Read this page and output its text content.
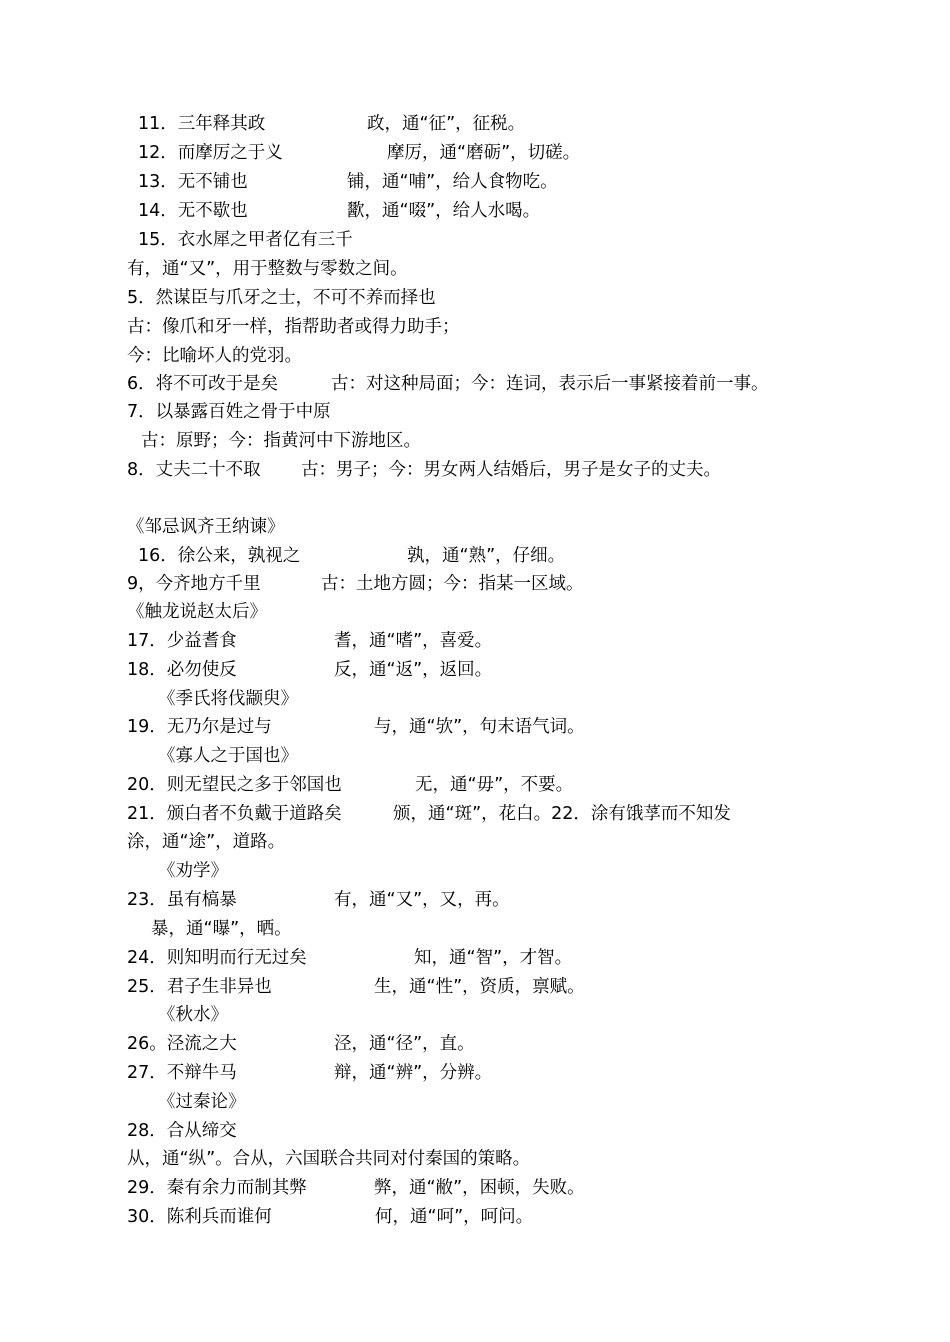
11．三年释其政	政，通“征”，征税。
12．而摩厉之于义	摩厉，通“磨砺”，切磋。
13．无不铺也	铺，通“哺”，给人食物吃。
14．无不歇也	歠，通“啜”，给人水喝。
15．衣水犀之甲者亿有三千
有，通“又”，用于整数与零数之间。
5．然谋臣与爪牙之士，不可不养而择也
古：像爪和牙一样，指帮助者或得力助手；
今：比喻坏人的党羽。
6．将不可改于是矣	古：对这种局面；今：连词，表示后一事紧接着前一事。
7．以暴露百姓之骨于中原
古：原野；今：指黄河中下游地区。
8．丈夫二十不取 古：男子；今：男女两人结婚后，男子是女子的丈夫。
《邹忌讽齐王纳谏》
16．徐公来，孰视之	孰，通“熟”，仔细。
9，今齐地方千里	古：土地方圆；今：指某一区域。
《触龙说赵太后》
17．少益耆食	耆，通“嗜”，喜爱。
18．必勿使反	反，通“返”，返回。
《季氏将伐颛臾》
19．无乃尔是过与	与，通“欤”，句末语气词。
《寡人之于国也》
20．则无望民之多于邻国也	无，通“毋”，不要。
21．颁白者不负戴于道路矣	颁，通“斑”，花白。22．涂有饿莩而不知发
涂，通“途”，道路。
《劝学》
23．虽有槁暴	有，通“又”，又，再。
暴，通“曝”，晒。
24．则知明而行无过矣	知，通“智”，才智。
25．君子生非异也	生，通“性”，资质，禀赋。
《秋水》
26。泾流之大	泾，通“径”，直。
27．不辩牛马	辩，通“辨”，分辨。
《过秦论》
28．合从缔交
从，通“纵”。合从，六国联合共同对付秦国的策略。
29．秦有余力而制其弊	弊，通“敝”，困顿，失败。
30．陈利兵而谁何	何，通“呵”，呵问。
